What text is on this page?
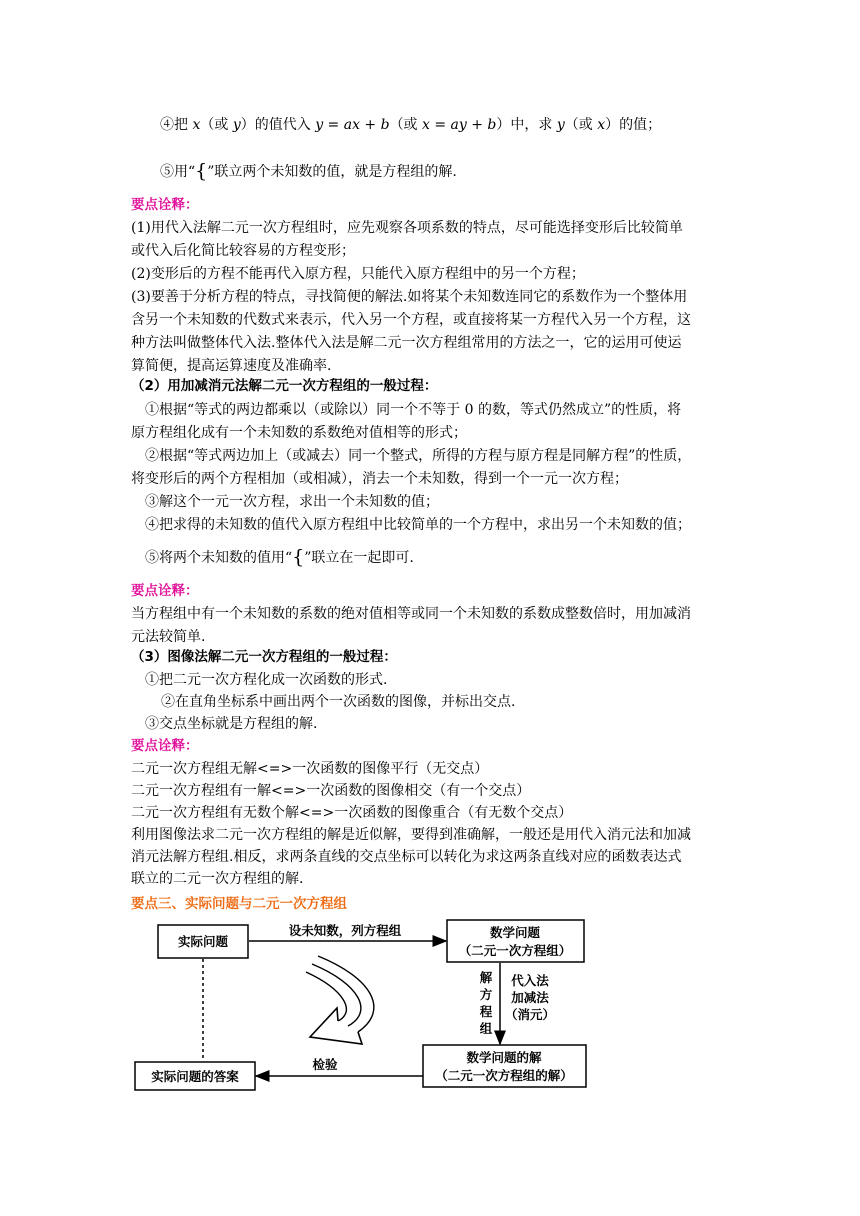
④把 x（或 y）的值代入 y = ax + b（或 x = ay + b）中，求 y（或 x）的值；
⑤用“{”联立两个未知数的值，就是方程组的解.
要点诠释：
(1)用代入法解二元一次方程组时，应先观察各项系数的特点，尽可能选择变形后比较简单
或代入后化简比较容易的方程变形；
(2)变形后的方程不能再代入原方程，只能代入原方程组中的另一个方程；
(3)要善于分析方程的特点，寻找简便的解法.如将某个未知数连同它的系数作为一个整体用
含另一个未知数的代数式来表示，代入另一个方程，或直接将某一方程代入另一个方程，这
种方法叫做整体代入法.整体代入法是解二元一次方程组常用的方法之一，它的运用可使运
算简便，提高运算速度及准确率.
（2）用加减消元法解二元一次方程组的一般过程：
①根据“等式的两边都乘以（或除以）同一个不等于 0 的数，等式仍然成立”的性质，将
原方程组化成有一个未知数的系数绝对值相等的形式；
②根据“等式两边加上（或减去）同一个整式，所得的方程与原方程是同解方程”的性质，
将变形后的两个方程相加（或相减），消去一个未知数，得到一个一元一次方程；
③解这个一元一次方程，求出一个未知数的值；
④把求得的未知数的值代入原方程组中比较简单的一个方程中，求出另一个未知数的值；
⑤将两个未知数的值用“{”联立在一起即可.
要点诠释：
当方程组中有一个未知数的系数的绝对值相等或同一个未知数的系数成整数倍时，用加减消
元法较简单.
（3）图像法解二元一次方程组的一般过程：
①把二元一次方程化成一次函数的形式.
②在直角坐标系中画出两个一次函数的图像，并标出交点.
③交点坐标就是方程组的解.
要点诠释：
二元一次方程组无解<=>一次函数的图像平行（无交点）
二元一次方程组有一解<=>一次函数的图像相交（有一个交点）
二元一次方程组有无数个解<=>一次函数的图像重合（有无数个交点）
利用图像法求二元一次方程组的解是近似解，要得到准确解，一般还是用代入消元法和加减
消元法解方程组.相反，求两条直线的交点坐标可以转化为求这两条直线对应的函数表达式
联立的二元一次方程组的解.
要点三、实际问题与二元一次方程组
实际问题
设未知数，列方程组	数学问题
（二元一次方程组）
解
方
程
组
代入法
加减法
（消元）
数学问题的解
（二元一次方程组的解）
检验
实际问题的答案
